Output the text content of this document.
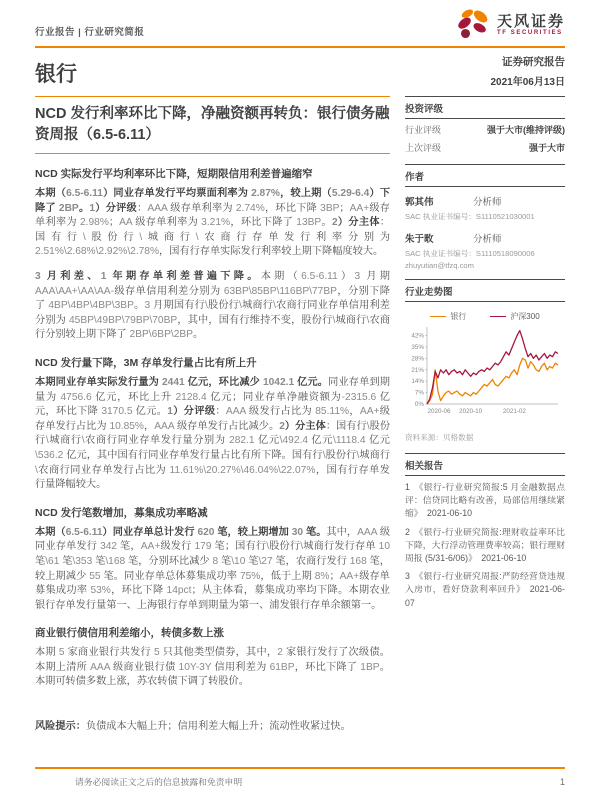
行业报告 | 行业研究简报
天风证券
TF SECURITIES
银行
NCD 发行利率环比下降，净融资额再转负：银行债务融资周报（6.5-6.11）
NCD 实际发行平均利率环比下降，短期限信用利差普遍缩窄

本期（6.5-6.11）同业存单发行平均票面利率为 2.87%，较上期（5.29-6.4）下降了 2BP。1）分评级：AAA 级存单利率为 2.74%，环比下降 3BP；AA+级存单利率为 2.98%；AA 级存单利率为 3.21%，环比下降了 13BP。2）分主体：国有行\股份行\城商行\农商行存单发行利率分别为 2.51%\2.68%\2.92%\2.78%，国有行存单实际发行利率较上期下降幅度较大。

3 月利差、1 年期存单利差普遍下降。本期（6.5-6.11）3 月期 AAA\AA+\AA\AA-级存单信用利差分别为 63BP\85BP\116BP\77BP，分别下降了 4BP\4BP\4BP\3BP。3 月期国有行\股份行\城商行\农商行同业存单信用利差分别为 45BP\49BP\79BP\70BP，其中，国有行维持不变，股份行\城商行\农商行分别较上期下降了 2BP\6BP\2BP。

NCD 发行量下降，3M 存单发行量占比有所上升

本期同业存单实际发行量为 2441 亿元，环比减少 1042.1 亿元。同业存单到期量为 4756.6 亿元，环比上升 2128.4 亿元；同业存单净融资额为-2315.6 亿元，环比下降 3170.5 亿元。1）分评级：AAA 级发行占比为 85.11%，AA+级存单发行占比为 10.85%，AAA 级存单发行占比减少。2）分主体：国有行\股份行\城商行\农商行同业存单发行量分别为 282.1 亿元\492.4 亿元\1118.4 亿元\536.2 亿元，其中国有行同业存单发行量占比有所下降。国有行\股份行\城商行\农商行同业存单发行占比为 11.61%\20.27%\46.04%\22.07%，国有行存单发行量降幅较大。

NCD 发行笔数增加，募集成功率略减

本期（6.5-6.11）同业存单总计发行 620 笔，较上期增加 30 笔。其中，AAA 级同业存单发行 342 笔，AA+级发行 179 笔；国有行\股份行\城商行发行存单 10 笔\61 笔\353 笔\168 笔，分别环比减少 8 笔\10 笔\27 笔，农商行发行 168 笔，较上期减少 55 笔。同业存单总体募集成功率 75%，低于上期 8%；AA+级存单募集成功率 53%，环比下降 14pct；从主体看，募集成功率均下降。本期农业银行存单发行量第一、上海银行存单到期量为第一、浦发银行存单余额第一。

商业银行债信用利差缩小，转债多数上涨

本期 5 家商业银行共发行 5 只其他类型债券，其中，2 家银行发行了次级债。本期上清所 AAA 级商业银行债 10Y-3Y 信用利差为 61BP，环比下降了 1BP。本期可转债多数上涨，苏农转债下调了转股价。

风险提示：负债成本大幅上升；信用利差大幅上升；流动性收紧过快。

证券研究报告
2021年06月13日
投资评级
行业评级	强于大市(维持评级)
上次评级	强于大市
作者
郭其伟	分析师
SAC 执业证书编号：S1110521030001
朱于畋	分析师
SAC 执业证书编号：S1110518090006
zhuyutian@tfzq.com
行业走势图
银行	沪深300
0%
7%
14%
21%
28%
35%
42%
2020-06 2020-10	2021-02
资料来源：贝格数据
相关报告

1 《银行-行业研究简报:5 月金融数据点评：信贷同比略有改善，局部信用继续紧缩》 2021-06-10

2 《银行-行业研究简报:理财收益率环比下降，大行浮动管理费率较高；银行理财周报 (5/31-6/06)》 2021-06-10

3 《银行-行业研究周报:严防经营贷违规入房市，看好贷款利率回升》 2021-06-07

请务必阅读正文之后的信息披露和免责申明	1
